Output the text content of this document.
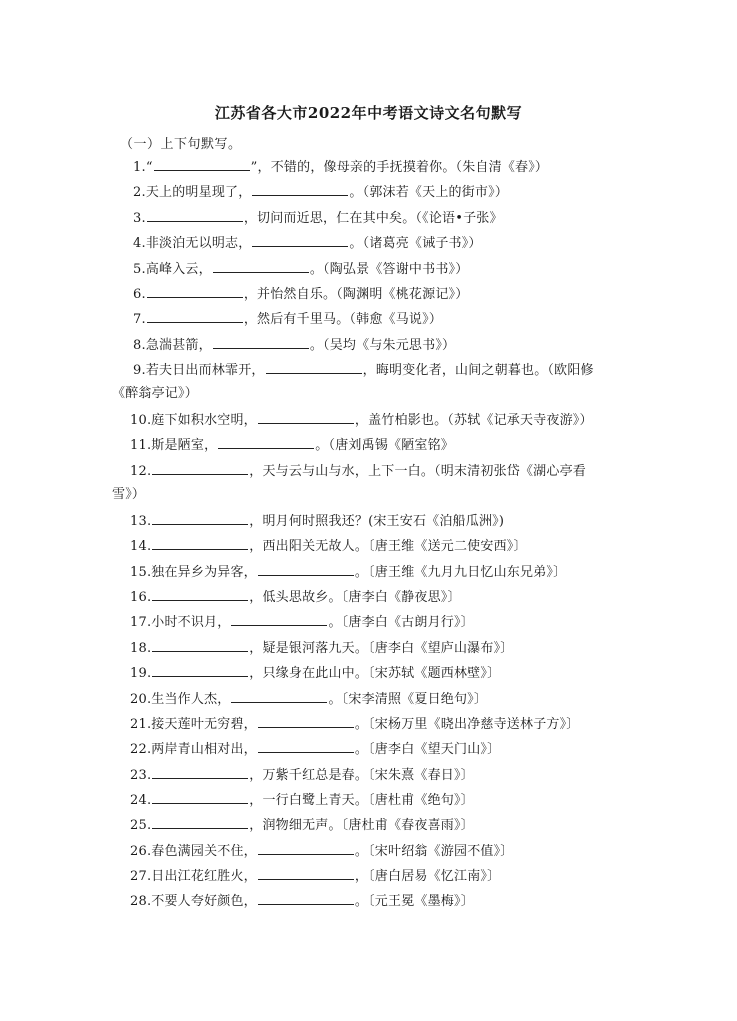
江苏省各大市2022年中考语文诗文名句默写
（一）上下句默写。
1.“	”，不错的，像母亲的手抚摸着你。（朱自清《春》）
2.天上的明星现了，	。（郭沫若《天上的街市》）
3.	，切问而近思，仁在其中矣。（《论语•子张》
4.非淡泊无以明志，	。（诸葛亮《诫子书》）
5.高峰入云，	。（陶弘景《答谢中书书》）
6.	，并怡然自乐。（陶渊明《桃花源记》）
7.	，然后有千里马。（韩愈《马说》）
8.急湍甚箭，	。（吴均《与朱元思书》）
9.若夫日出而林霏开，	，晦明变化者，山间之朝暮也。（欧阳修
《醉翁亭记》）
10.庭下如积水空明，	，盖竹柏影也。（苏轼《记承天寺夜游》）
11.斯是陋室，	。（唐刘禹锡《陋室铭》
12.	，天与云与山与水，上下一白。（明末清初张岱《湖心亭看
雪》）
13.	，明月何时照我还？(宋王安石《泊船瓜洲》)
14.	，西出阳关无故人。〔唐王维《送元二使安西》〕
15.独在异乡为异客，	。〔唐王维《九月九日忆山东兄弟》〕
16.	，低头思故乡。〔唐李白《静夜思》〕
17.小时不识月，	。〔唐李白《古朗月行》〕
18.	，疑是银河落九天。〔唐李白《望庐山瀑布》〕
19.	，只缘身在此山中。〔宋苏轼《题西林壁》〕
20.生当作人杰，	。〔宋李清照《夏日绝句》〕
21.接天莲叶无穷碧，	。〔宋杨万里《晓出净慈寺送林子方》〕
22.两岸青山相对出，	。〔唐李白《望天门山》〕
23.	，万紫千红总是春。〔宋朱熹《春日》〕
24.	，一行白鹭上青天。〔唐杜甫《绝句》〕
25.	，润物细无声。〔唐杜甫《春夜喜雨》〕
26.春色满园关不住，	。〔宋叶绍翁《游园不值》〕
27.日出江花红胜火，	，〔唐白居易《忆江南》〕
28.不要人夸好颜色，	。〔元王冕《墨梅》〕
